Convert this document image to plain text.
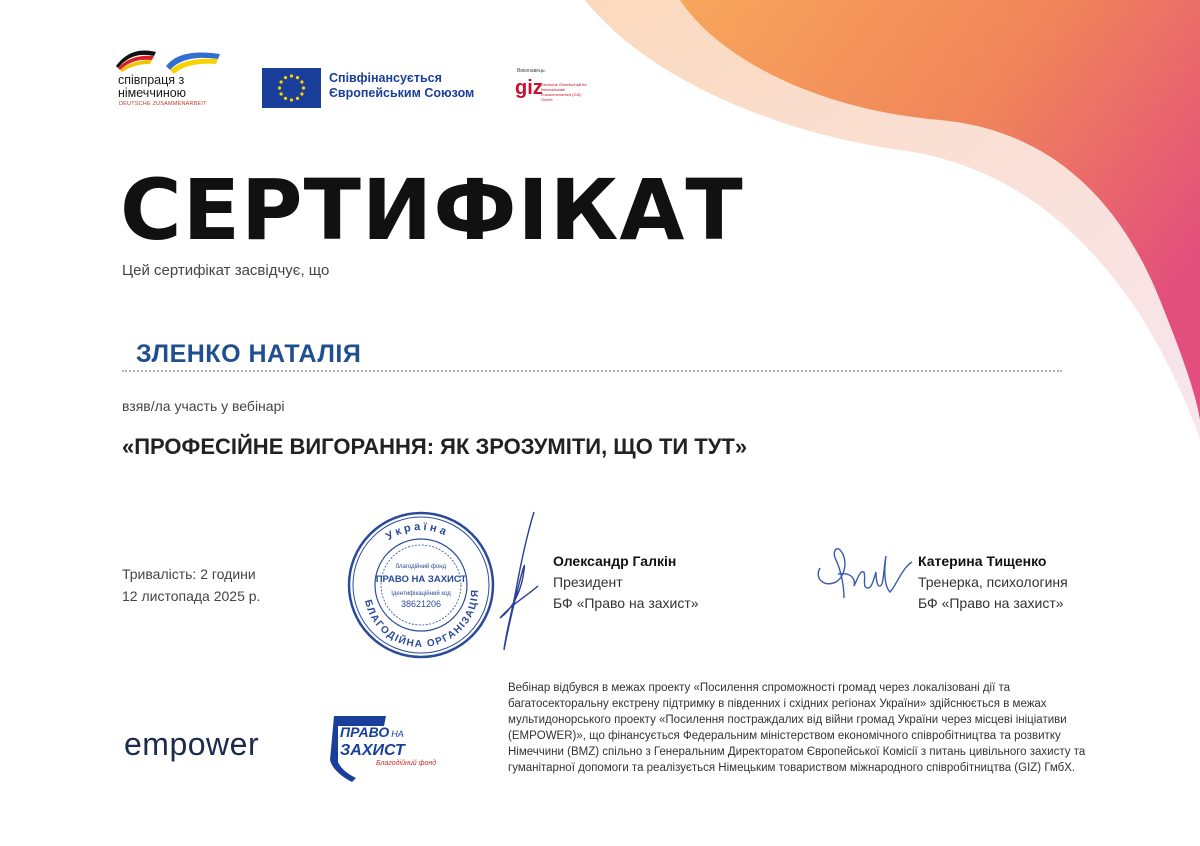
співпраця з
німеччиною
DEUTSCHE ZUSAMMENARBEIT
Співфінансується
Європейським Союзом
Виконавець:
giz
Deutsche Gesellschaft für Internationale Zusammenarbeit (GIZ) GmbH
СЕРТИФІКАТ
Цей сертифікат засвідчує, що
ЗЛЕНКО НАТАЛІЯ
взяв/ла участь у вебінарі
«ПРОФЕСІЙНЕ ВИГОРАННЯ: ЯК ЗРОЗУМІТИ, ЩО ТИ ТУТ»
Тривалість: 2 години
12 листопада 2025 р.
Україна
БЛАГОДІЙНА ОРГАНІЗАЦІЯ
благодійний фонд
ПРАВО НА ЗАХИСТ
Ідентифікаційний код
38621206
Олександр Галкін
Президент
БФ «Право на захист»
Катерина Тищенко
Тренерка, психологиня
БФ «Право на захист»
empower	ПРАВО НА
ЗАХИСТ
Благодійний фонд
Вебінар відбувся в межах проекту «Посилення спроможності громад через локалізовані дії та багатосекторальну екстрену підтримку в південних і східних регіонах України» здійснюється в межах мультидонорського проекту «Посилення постраждалих від війни громад України через місцеві ініціативи (EMPOWER)», що фінансується Федеральним міністерством економічного співробітництва та розвитку Німеччини (BMZ) спільно з Генеральним Директоратом Європейської Комісії з питань цивільного захисту та гуманітарної допомоги та реалізується Німецьким товариством міжнародного співробітництва (GIZ) ГмбХ.
